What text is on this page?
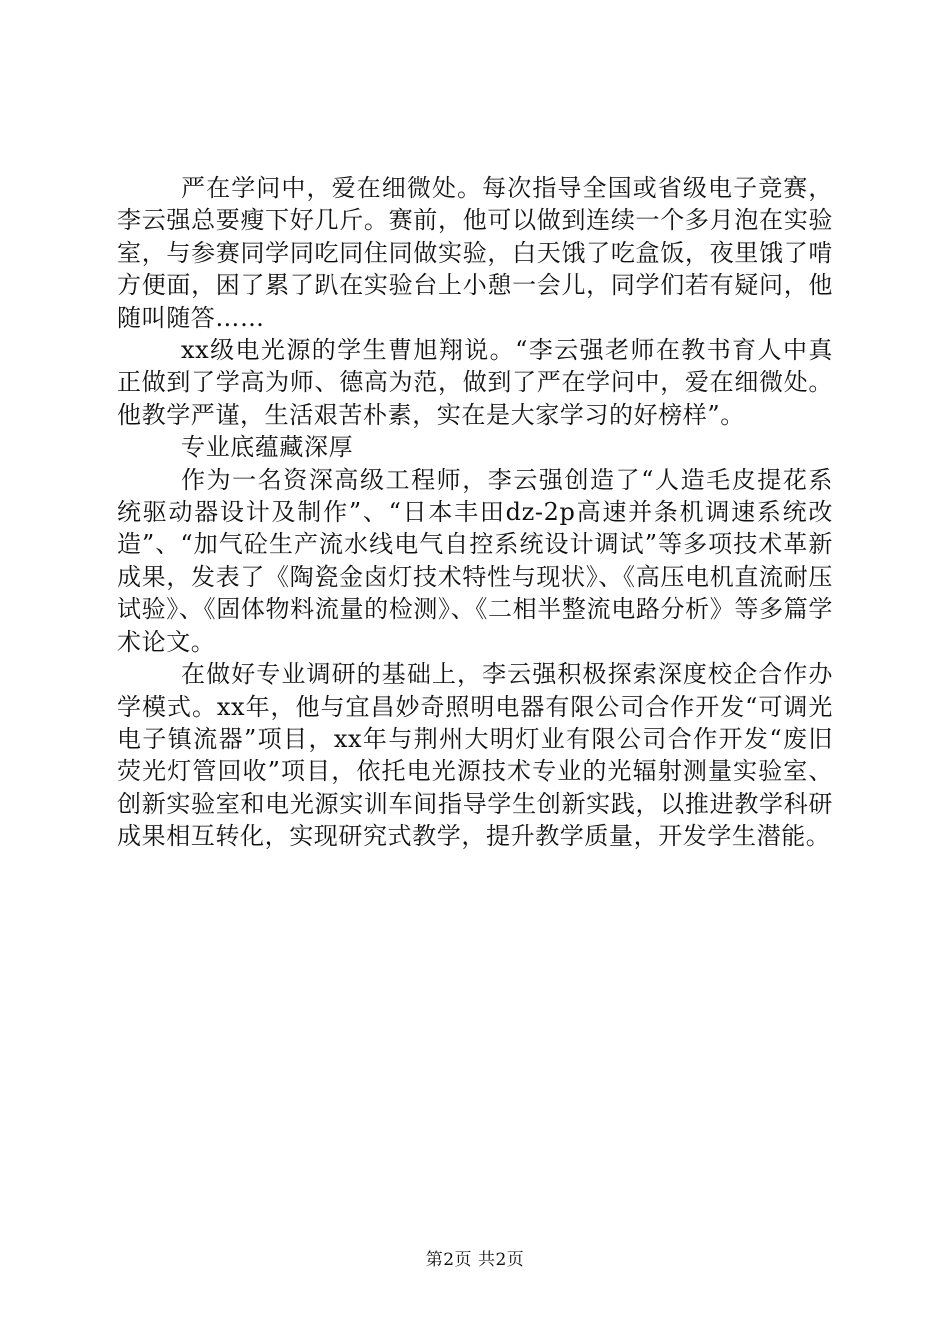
严在学问中，爱在细微处。每次指导全国或省级电子竞赛，李云强总要瘦下好几斤。赛前，他可以做到连续一个多月泡在实验室，与参赛同学同吃同住同做实验，白天饿了吃盒饭，夜里饿了啃方便面，困了累了趴在实验台上小憩一会儿，同学们若有疑问，他随叫随答……

xx级电光源的学生曹旭翔说。“李云强老师在教书育人中真正做到了学高为师、德高为范，做到了严在学问中，爱在细微处。他教学严谨，生活艰苦朴素，实在是大家学习的好榜样”。

专业底蕴藏深厚

作为一名资深高级工程师，李云强创造了“人造毛皮提花系统驱动器设计及制作”、“日本丰田dz-2p高速并条机调速系统改造”、“加气砼生产流水线电气自控系统设计调试”等多项技术革新成果，发表了《陶瓷金卤灯技术特性与现状》、《高压电机直流耐压试验》、《固体物料流量的检测》、《二相半整流电路分析》等多篇学术论文。

在做好专业调研的基础上，李云强积极探索深度校企合作办学模式。xx年，他与宜昌妙奇照明电器有限公司合作开发“可调光电子镇流器”项目，xx年与荆州大明灯业有限公司合作开发“废旧荧光灯管回收”项目，依托电光源技术专业的光辐射测量实验室、创新实验室和电光源实训车间指导学生创新实践，以推进教学科研成果相互转化，实现研究式教学，提升教学质量，开发学生潜能。

第2页 共2页
